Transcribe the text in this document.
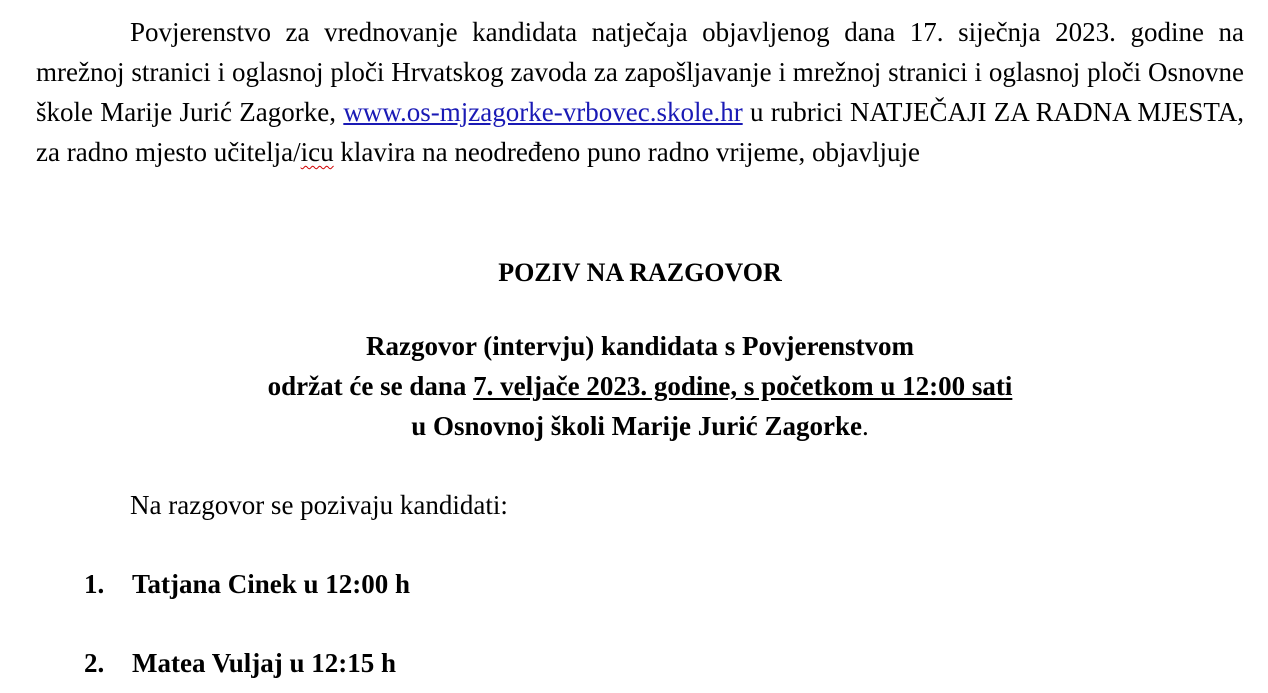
Povjerenstvo za vrednovanje kandidata natječaja objavljenog dana 17. siječnja 2023. godine na mrežnoj stranici i oglasnoj ploči Hrvatskog zavoda za zapošljavanje i mrežnoj stranici i oglasnoj ploči Osnovne škole Marije Jurić Zagorke, www.os-mjzagorke-vrbovec.skole.hr u rubrici NATJEČAJI ZA RADNA MJESTA, za radno mjesto učitelja/icu klavira na neodređeno puno radno vrijeme, objavljuje

POZIV NA RAZGOVOR
Razgovor (intervju) kandidata s Povjerenstvom
održat će se dana 7. veljače 2023. godine, s početkom u 12:00 sati
u Osnovnoj školi Marije Jurić Zagorke.

Na razgovor se pozivaju kandidati:

1.	Tatjana Cinek u 12:00 h
2.	Matea Vuljaj u 12:15 h
